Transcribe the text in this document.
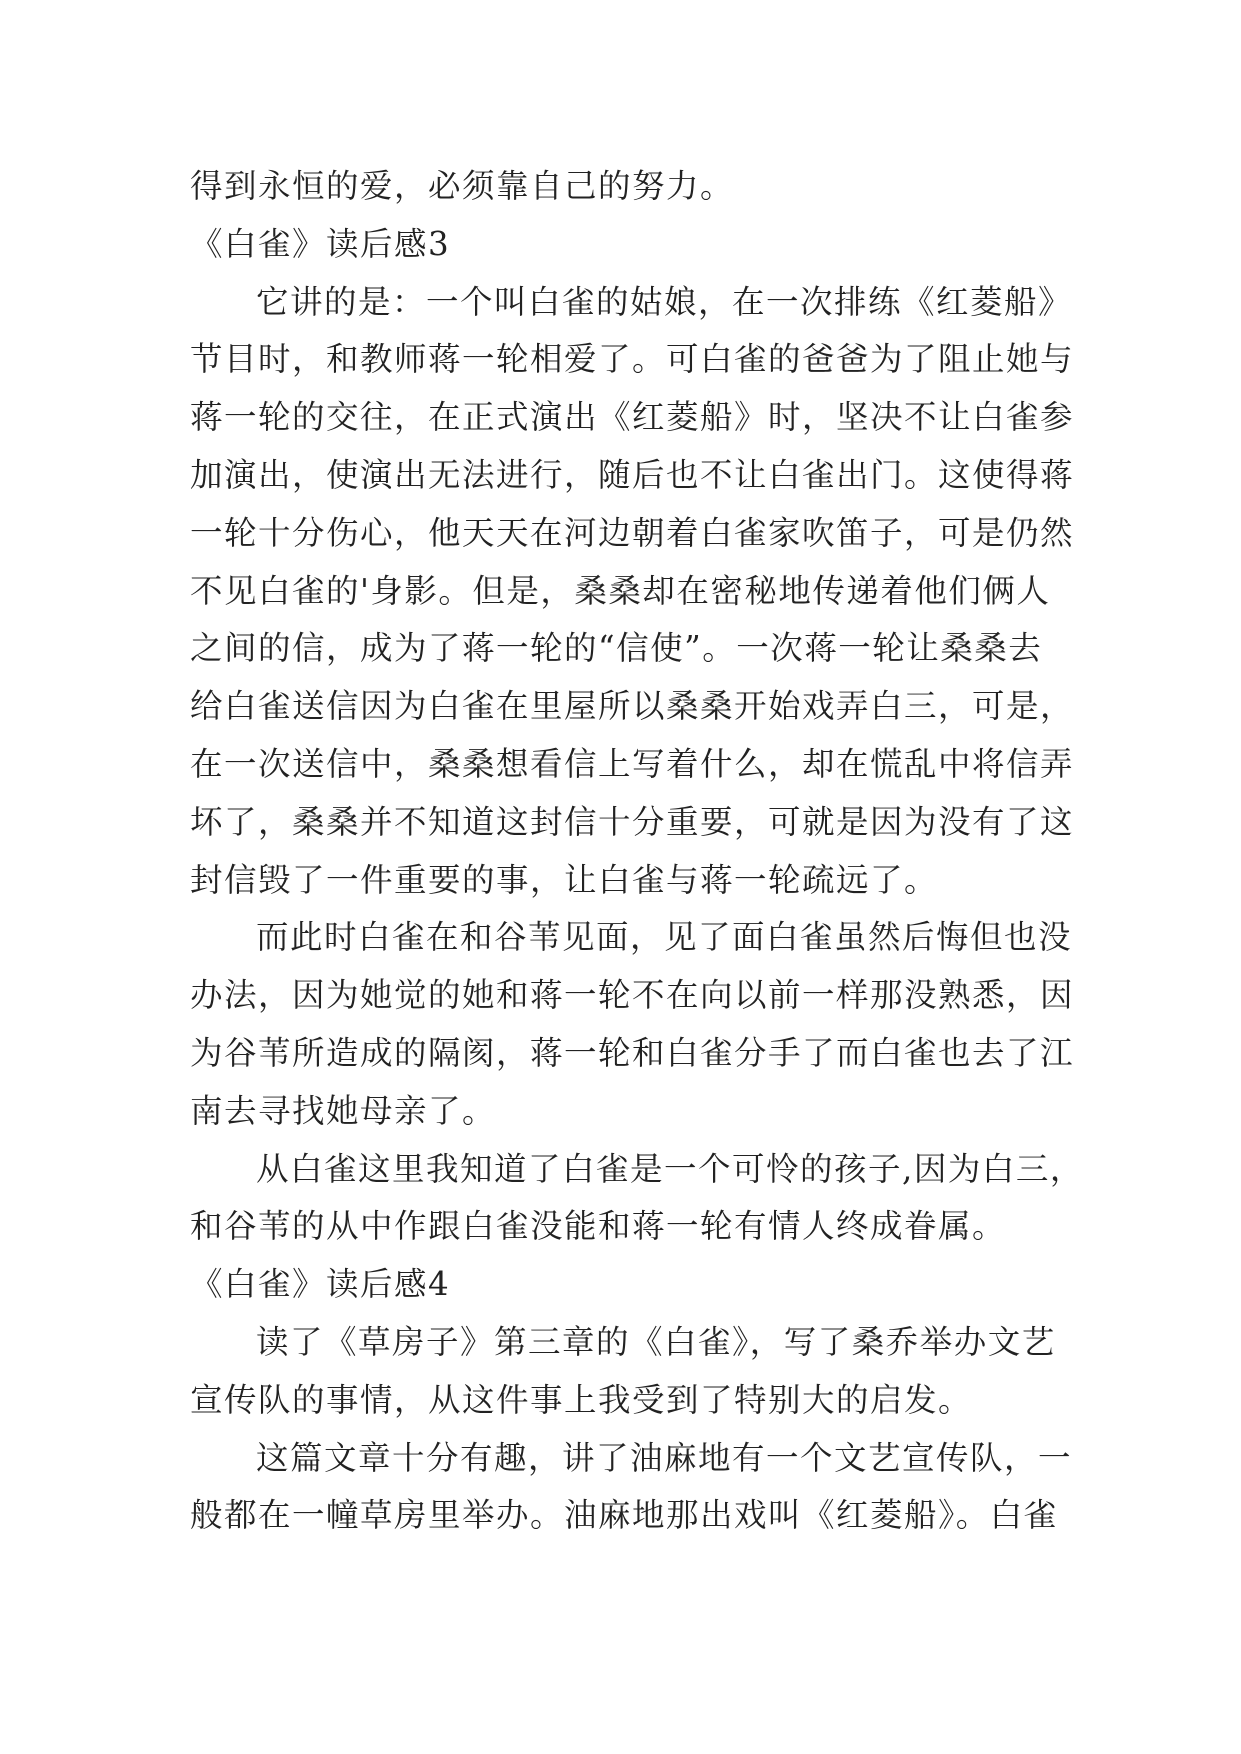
得到永恒的爱，必须靠自己的努力。
《白雀》读后感3
它讲的是：一个叫白雀的姑娘，在一次排练《红菱船》
节目时，和教师蒋一轮相爱了。可白雀的爸爸为了阻止她与
蒋一轮的交往，在正式演出《红菱船》时，坚决不让白雀参
加演出，使演出无法进行，随后也不让白雀出门。这使得蒋
一轮十分伤心，他天天在河边朝着白雀家吹笛子，可是仍然
不见白雀的'身影。但是，桑桑却在密秘地传递着他们俩人
之间的信，成为了蒋一轮的“信使”。一次蒋一轮让桑桑去
给白雀送信因为白雀在里屋所以桑桑开始戏弄白三，可是，
在一次送信中，桑桑想看信上写着什么，却在慌乱中将信弄
坏了，桑桑并不知道这封信十分重要，可就是因为没有了这
封信毁了一件重要的事，让白雀与蒋一轮疏远了。
而此时白雀在和谷苇见面，见了面白雀虽然后悔但也没
办法，因为她觉的她和蒋一轮不在向以前一样那没熟悉，因
为谷苇所造成的隔阂，蒋一轮和白雀分手了而白雀也去了江
南去寻找她母亲了。
从白雀这里我知道了白雀是一个可怜的孩子,因为白三，
和谷苇的从中作跟白雀没能和蒋一轮有情人终成眷属。
《白雀》读后感4
读了《草房子》第三章的《白雀》，写了桑乔举办文艺
宣传队的事情，从这件事上我受到了特别大的启发。
这篇文章十分有趣，讲了油麻地有一个文艺宣传队，一
般都在一幢草房里举办。油麻地那出戏叫《红菱船》。白雀
